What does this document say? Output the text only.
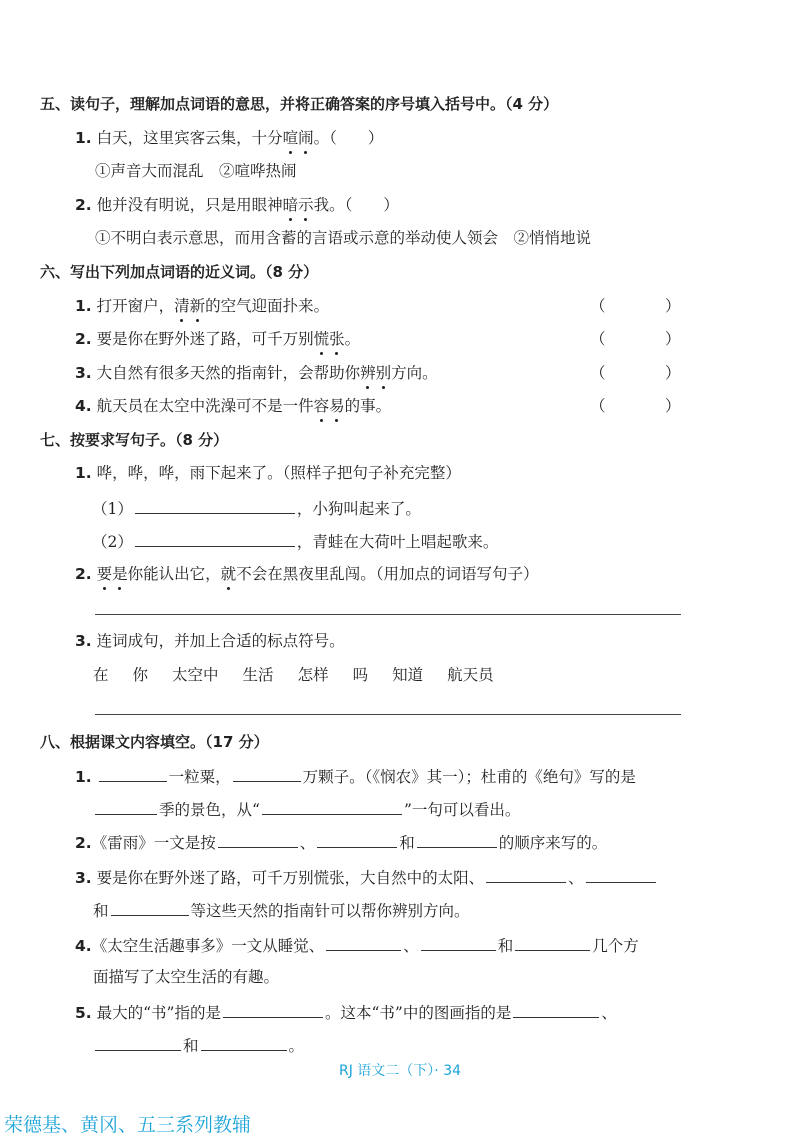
五、读句子，理解加点词语的意思，并将正确答案的序号填入括号中。（4 分）
1. 白天，这里宾客云集，十分喧闹。（　　）
①声音大而混乱　②喧哗热闹
2. 他并没有明说，只是用眼神暗示我。（　　）
①不明白表示意思，而用含蓄的言语或示意的举动使人领会　②悄悄地说
六、写出下列加点词语的近义词。（8 分）
1. 打开窗户，清新的空气迎面扑来。	（	）
2. 要是你在野外迷了路，可千万别慌张。	（	）
3. 大自然有很多天然的指南针，会帮助你辨别方向。	（	）
4. 航天员在太空中洗澡可不是一件容易的事。	（	）
七、按要求写句子。（8 分）
1. 哗，哗，哗，雨下起来了。（照样子把句子补充完整）
（1）	，小狗叫起来了。
（2）	，青蛙在大荷叶上唱起歌来。
2. 要是你能认出它，就不会在黑夜里乱闯。（用加点的词语写句子）
3. 连词成句，并加上合适的标点符号。
在 你 太空中 生活 怎样 吗 知道 航天员
八、根据课文内容填空。（17 分）
1.	一粒粟，	万颗子。（《悯农》其一）；杜甫的《绝句》写的是
季的景色，从“	”一句可以看出。
2.《雷雨》一文是按	、	和	的顺序来写的。
3. 要是你在野外迷了路，可千万别慌张，大自然中的太阳、	、
和	等这些天然的指南针可以帮你辨别方向。
4.《太空生活趣事多》一文从睡觉、	、	和	几个方
面描写了太空生活的有趣。
5. 最大的“书”指的是	。这本“书”中的图画指的是	、
和	。
RJ 语文二（下）· 34
荣德基、黄冈、五三系列教辅
